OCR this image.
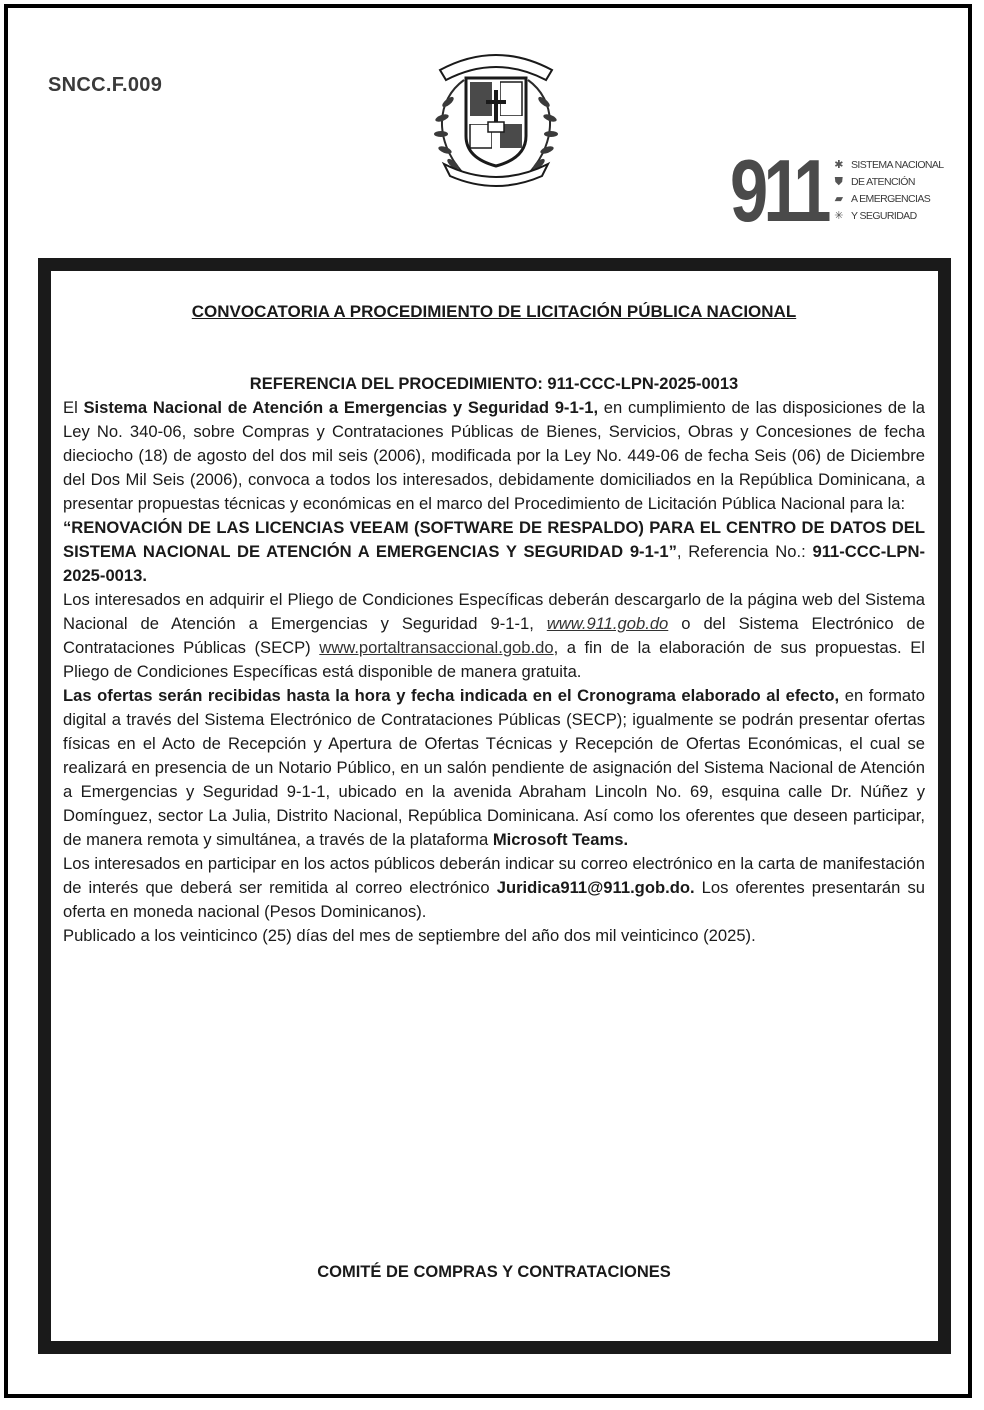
SNCC.F.009
911 ✱ SISTEMA NACIONAL
⛊ DE ATENCIÓN
▰ A EMERGENCIAS
✳ Y SEGURIDAD
CONVOCATORIA A PROCEDIMIENTO DE LICITACIÓN PÚBLICA NACIONAL
REFERENCIA DEL PROCEDIMIENTO: 911-CCC-LPN-2025-0013

El Sistema Nacional de Atención a Emergencias y Seguridad 9-1-1, en cumplimiento de las disposiciones de la Ley No. 340-06, sobre Compras y Contrataciones Públicas de Bienes, Servicios, Obras y Concesiones de fecha dieciocho (18) de agosto del dos mil seis (2006), modificada por la Ley No. 449-06 de fecha Seis (06) de Diciembre del Dos Mil Seis (2006), convoca a todos los interesados, debidamente domiciliados en la República Dominicana, a presentar propuestas técnicas y económicas en el marco del Procedimiento de Licitación Pública Nacional para la:

“RENOVACIÓN DE LAS LICENCIAS VEEAM (SOFTWARE DE RESPALDO) PARA EL CENTRO DE DATOS DEL SISTEMA NACIONAL DE ATENCIÓN A EMERGENCIAS Y SEGURIDAD 9-1-1”, Referencia No.: 911-CCC-LPN-2025-0013.

Los interesados en adquirir el Pliego de Condiciones Específicas deberán descargarlo de la página web del Sistema Nacional de Atención a Emergencias y Seguridad 9-1-1, www.911.gob.do o del Sistema Electrónico de Contrataciones Públicas (SECP) www.portaltransaccional.gob.do, a fin de la elaboración de sus propuestas. El Pliego de Condiciones Específicas está disponible de manera gratuita.

Las ofertas serán recibidas hasta la hora y fecha indicada en el Cronograma elaborado al efecto, en formato digital a través del Sistema Electrónico de Contrataciones Públicas (SECP); igualmente se podrán presentar ofertas físicas en el Acto de Recepción y Apertura de Ofertas Técnicas y Recepción de Ofertas Económicas, el cual se realizará en presencia de un Notario Público, en un salón pendiente de asignación del Sistema Nacional de Atención a Emergencias y Seguridad 9-1-1, ubicado en la avenida Abraham Lincoln No. 69, esquina calle Dr. Núñez y Domínguez, sector La Julia, Distrito Nacional, República Dominicana. Así como los oferentes que deseen participar, de manera remota y simultánea, a través de la plataforma Microsoft Teams.

Los interesados en participar en los actos públicos deberán indicar su correo electrónico en la carta de manifestación de interés que deberá ser remitida al correo electrónico Juridica911@911.gob.do. Los oferentes presentarán su oferta en moneda nacional (Pesos Dominicanos).

Publicado a los veinticinco (25) días del mes de septiembre del año dos mil veinticinco (2025).

COMITÉ DE COMPRAS Y CONTRATACIONES
